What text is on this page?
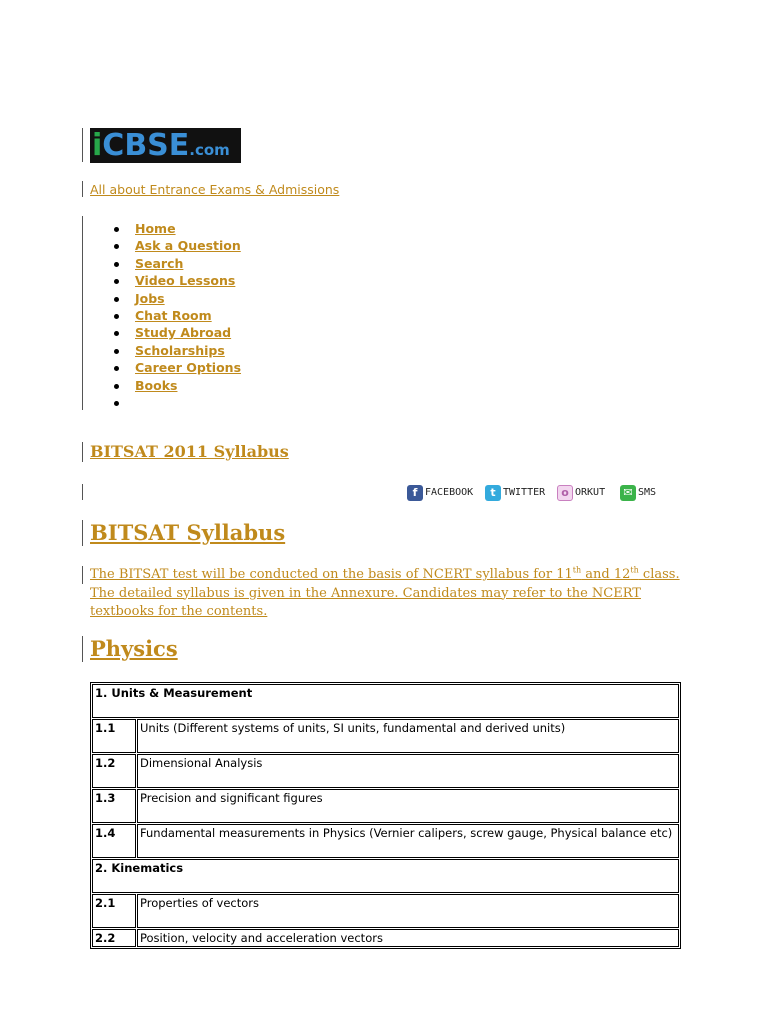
iCBSE.com
All about Entrance Exams & Admissions
Home
Ask a Question
Search
Video Lessons
Jobs
Chat Room
Study Abroad
Scholarships
Career Options
Books
BITSAT 2011 Syllabus
f FACEBOOK	t TWITTER	o ORKUT	✉ SMS
BITSAT Syllabus
The BITSAT test will be conducted on the basis of NCERT syllabus for 11th and 12th class. The detailed syllabus is given in the Annexure. Candidates may refer to the NCERT textbooks for the contents.
Physics
1. Units & Measurement	
1.1	Units (Different systems of units, SI units, fundamental and derived units)
1.2	Dimensional Analysis
1.3	Precision and significant figures
1.4	Fundamental measurements in Physics (Vernier calipers, screw gauge, Physical balance etc)
2. Kinematics	
2.1	Properties of vectors
2.2	Position, velocity and acceleration vectors
